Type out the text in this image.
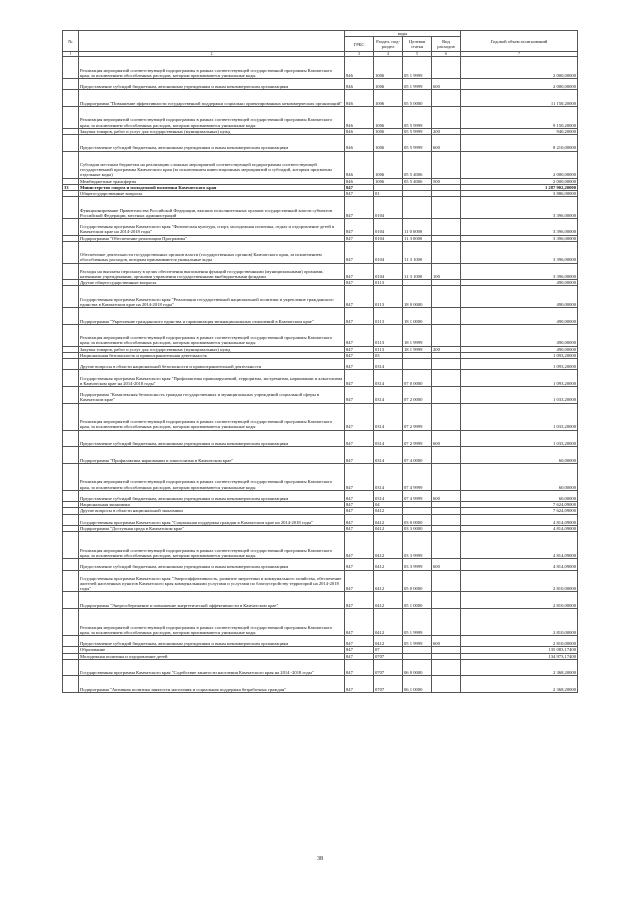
№		коды				Годовой объем ассигнований
		ГРБС	Раздел, под-раздел	Целевая статья	Вид расходов	
1	2	3	4	5	6	7
	Реализация мероприятий соответствующей подпрограммы в рамках соответствующей государственной программы Камчатского края, за исключением обособленных расходов, которым присваиваются уникальные коды	846	1006	05 1 9999		2 000,00000
	Предоставление субсидий бюджетным, автономным учреждениям и иным некоммерческим организациям	846	1006	05 1 9999	600	2 000,00000
	Подпрограмма "Повышение эффективности государственной поддержки социально ориентированных некоммерческих организаций"	846	1006	05 5 0000		11 150,20000
	Реализация мероприятий соответствующей подпрограммы в рамках соответствующей государственной программы Камчатского края, за исключением обособленных расходов, которым присваиваются уникальные коды	846	1006	05 5 9999		9 150,20000
	Закупка товаров, работ и услуг для государственных (муниципальных) нужд	846	1006	05 5 9999	200	940,20000
	Предоставление субсидий бюджетным, автономным учреждениям и иным некоммерческим организациям	846	1006	05 5 9999	600	8 210,00000
	Субсидии местным бюджетам на реализацию сложных мероприятий соответствующей подпрограммы соответствующей государственной программы Камчатского края (за исключением инвестиционных мероприятий и субсидий, которым присвоены отдельные коды)	846	1006	05 5 4006		2 000,00000
	Межбюджетные трансферты	846	1006	05 5 4006	500	2 000,00000
33	Министерство спорта и молодежной политики Камчатского края	847				1 287 902,20000
	Общегосударственные вопросы	847	01			3 886,00000
	Функционирование Правительства Российской Федерации, высших исполнительных органов государственной власти субъектов Российской Федерации, местных администраций	847	0104			3 396,00000
	Государственная программа Камчатского края "Физическая культура, спорт, молодежная политика, отдых и оздоровление детей в Камчатском крае на 2014-2018 годы"	847	0104	11 0 0000		3 396,00000
	Подпрограмма "Обеспечение реализации Программы"	847	0104	11 3 0000		3 396,00000
	Обеспечение деятельности государственных органов власти (государственных органов) Камчатского края, за исключением обособленных расходов, которым присваиваются уникальные коды	847	0104	11 3 1000		3 396,00000
	Расходы на выплаты персоналу в целях обеспечения выполнения функций государственными (муниципальными) органами, казенными учреждениями, органами управления государственными внебюджетными фондами	847	0104	11 3 1000	100	3 396,00000
	Другие общегосударственные вопросы	847	0113			490,00000
	Государственная программа Камчатского края "Реализация государственной национальной политики и укрепление гражданского единства в Камчатском крае на 2014-2018 годы"	847	0113	18 0 0000		490,00000
	Подпрограмма "Укрепление гражданского единства и гармонизация межнациональных отношений в Камчатском крае"	847	0113	18 1 0000		490,00000
	Реализация мероприятий соответствующей подпрограммы в рамках соответствующей государственной программы Камчатского края, за исключением обособленных расходов, которым присваиваются уникальные коды	847	0113	18 1 9999		490,00000
	Закупка товаров, работ и услуг для государственных (муниципальных) нужд	847	0113	18 1 9999	200	490,00000
	Национальная безопасность и правоохранительная деятельность	847	03			1 093,20000
	Другие вопросы в области национальной безопасности и правоохранительной деятельности	847	0314			1 093,20000
	Государственная программа Камчатского края "Профилактика правонарушений, терроризма, экстремизма, наркомании и алкоголизма в Камчатском крае на 2014-2018 годы"	847	0314	07 0 0000		1 093,20000
	Подпрограмма "Комплексная безопасность граждан государственных и муниципальных учреждений социальной сферы в Камчатском крае"	847	0314	07 2 0000		1 033,20000
	Реализация мероприятий соответствующей подпрограммы в рамках соответствующей государственной программы Камчатского края, за исключением обособленных расходов, которым присваиваются уникальные коды	847	0314	07 2 9999		1 033,20000
	Предоставление субсидий бюджетным, автономным учреждениям и иным некоммерческим организациям	847	0314	07 2 9999	600	1 033,20000
	Подпрограмма "Профилактика наркомании и алкоголизма в Камчатском крае"	847	0314	07 4 0000		60,00000
	Реализация мероприятий соответствующей подпрограммы в рамках соответствующей государственной программы Камчатского края, за исключением обособленных расходов, которым присваиваются уникальные коды	847	0314	07 4 9999		60,00000
	Предоставление субсидий бюджетным, автономным учреждениям и иным некоммерческим организациям	847	0314	07 4 9999	600	60,00000
	Национальная экономика	847	04			7 624,09000
	Другие вопросы в области национальной экономики	847	0412			7 624,09000
	Государственная программа Камчатского края "Социальная поддержка граждан в Камчатском крае на 2014-2018 годы"	847	0412	03 0 0000		4 814,09000
	Подпрограмма "Доступная среда в Камчатском крае"	847	0412	03 3 0000		4 814,09000
	Реализация мероприятий соответствующей подпрограммы в рамках соответствующей государственной программы Камчатского края, за исключением обособленных расходов, которым присваиваются уникальные коды	847	0412	03 3 9999		4 814,09000
	Предоставление субсидий бюджетным, автономным учреждениям и иным некоммерческим организациям	847	0412	03 3 9999	600	4 814,09000
	Государственная программа Камчатского края "Энергоэффективность, развитие энергетики и коммунального хозяйства, обеспечение жителей населенных пунктов Камчатского края коммунальными услугами и услугами по благоустройству территорий на 2014-2018 годы"	847	0412	05 0 0000		2 810,00000
	Подпрограмма "Энергосбережение и повышение энергетической эффективности в Камчатском крае"	847	0412	05 1 0000		2 810,00000
	Реализация мероприятий соответствующей подпрограммы в рамках соответствующей государственной программы Камчатского края, за исключением обособленных расходов, которым присваиваются уникальные коды	847	0412	05 1 9999		2 810,00000
	Предоставление субсидий бюджетным, автономным учреждениям и иным некоммерческим организациям	847	0412	05 1 9999	600	2 810,00000
	Образование	847	07			135 083,17400
	Молодежная политика и оздоровление детей	847	0707			134 973,17400
	Государственная программа Камчатского края "Содействие занятости населения Камчатского края на 2014 -2018 годы"	847	0707	06 0 0000		2 368,20000
	Подпрограмма "Активная политика занятости населения и социальная поддержка безработных граждан"	847	0707	06 1 0000		2 368,20000
38
